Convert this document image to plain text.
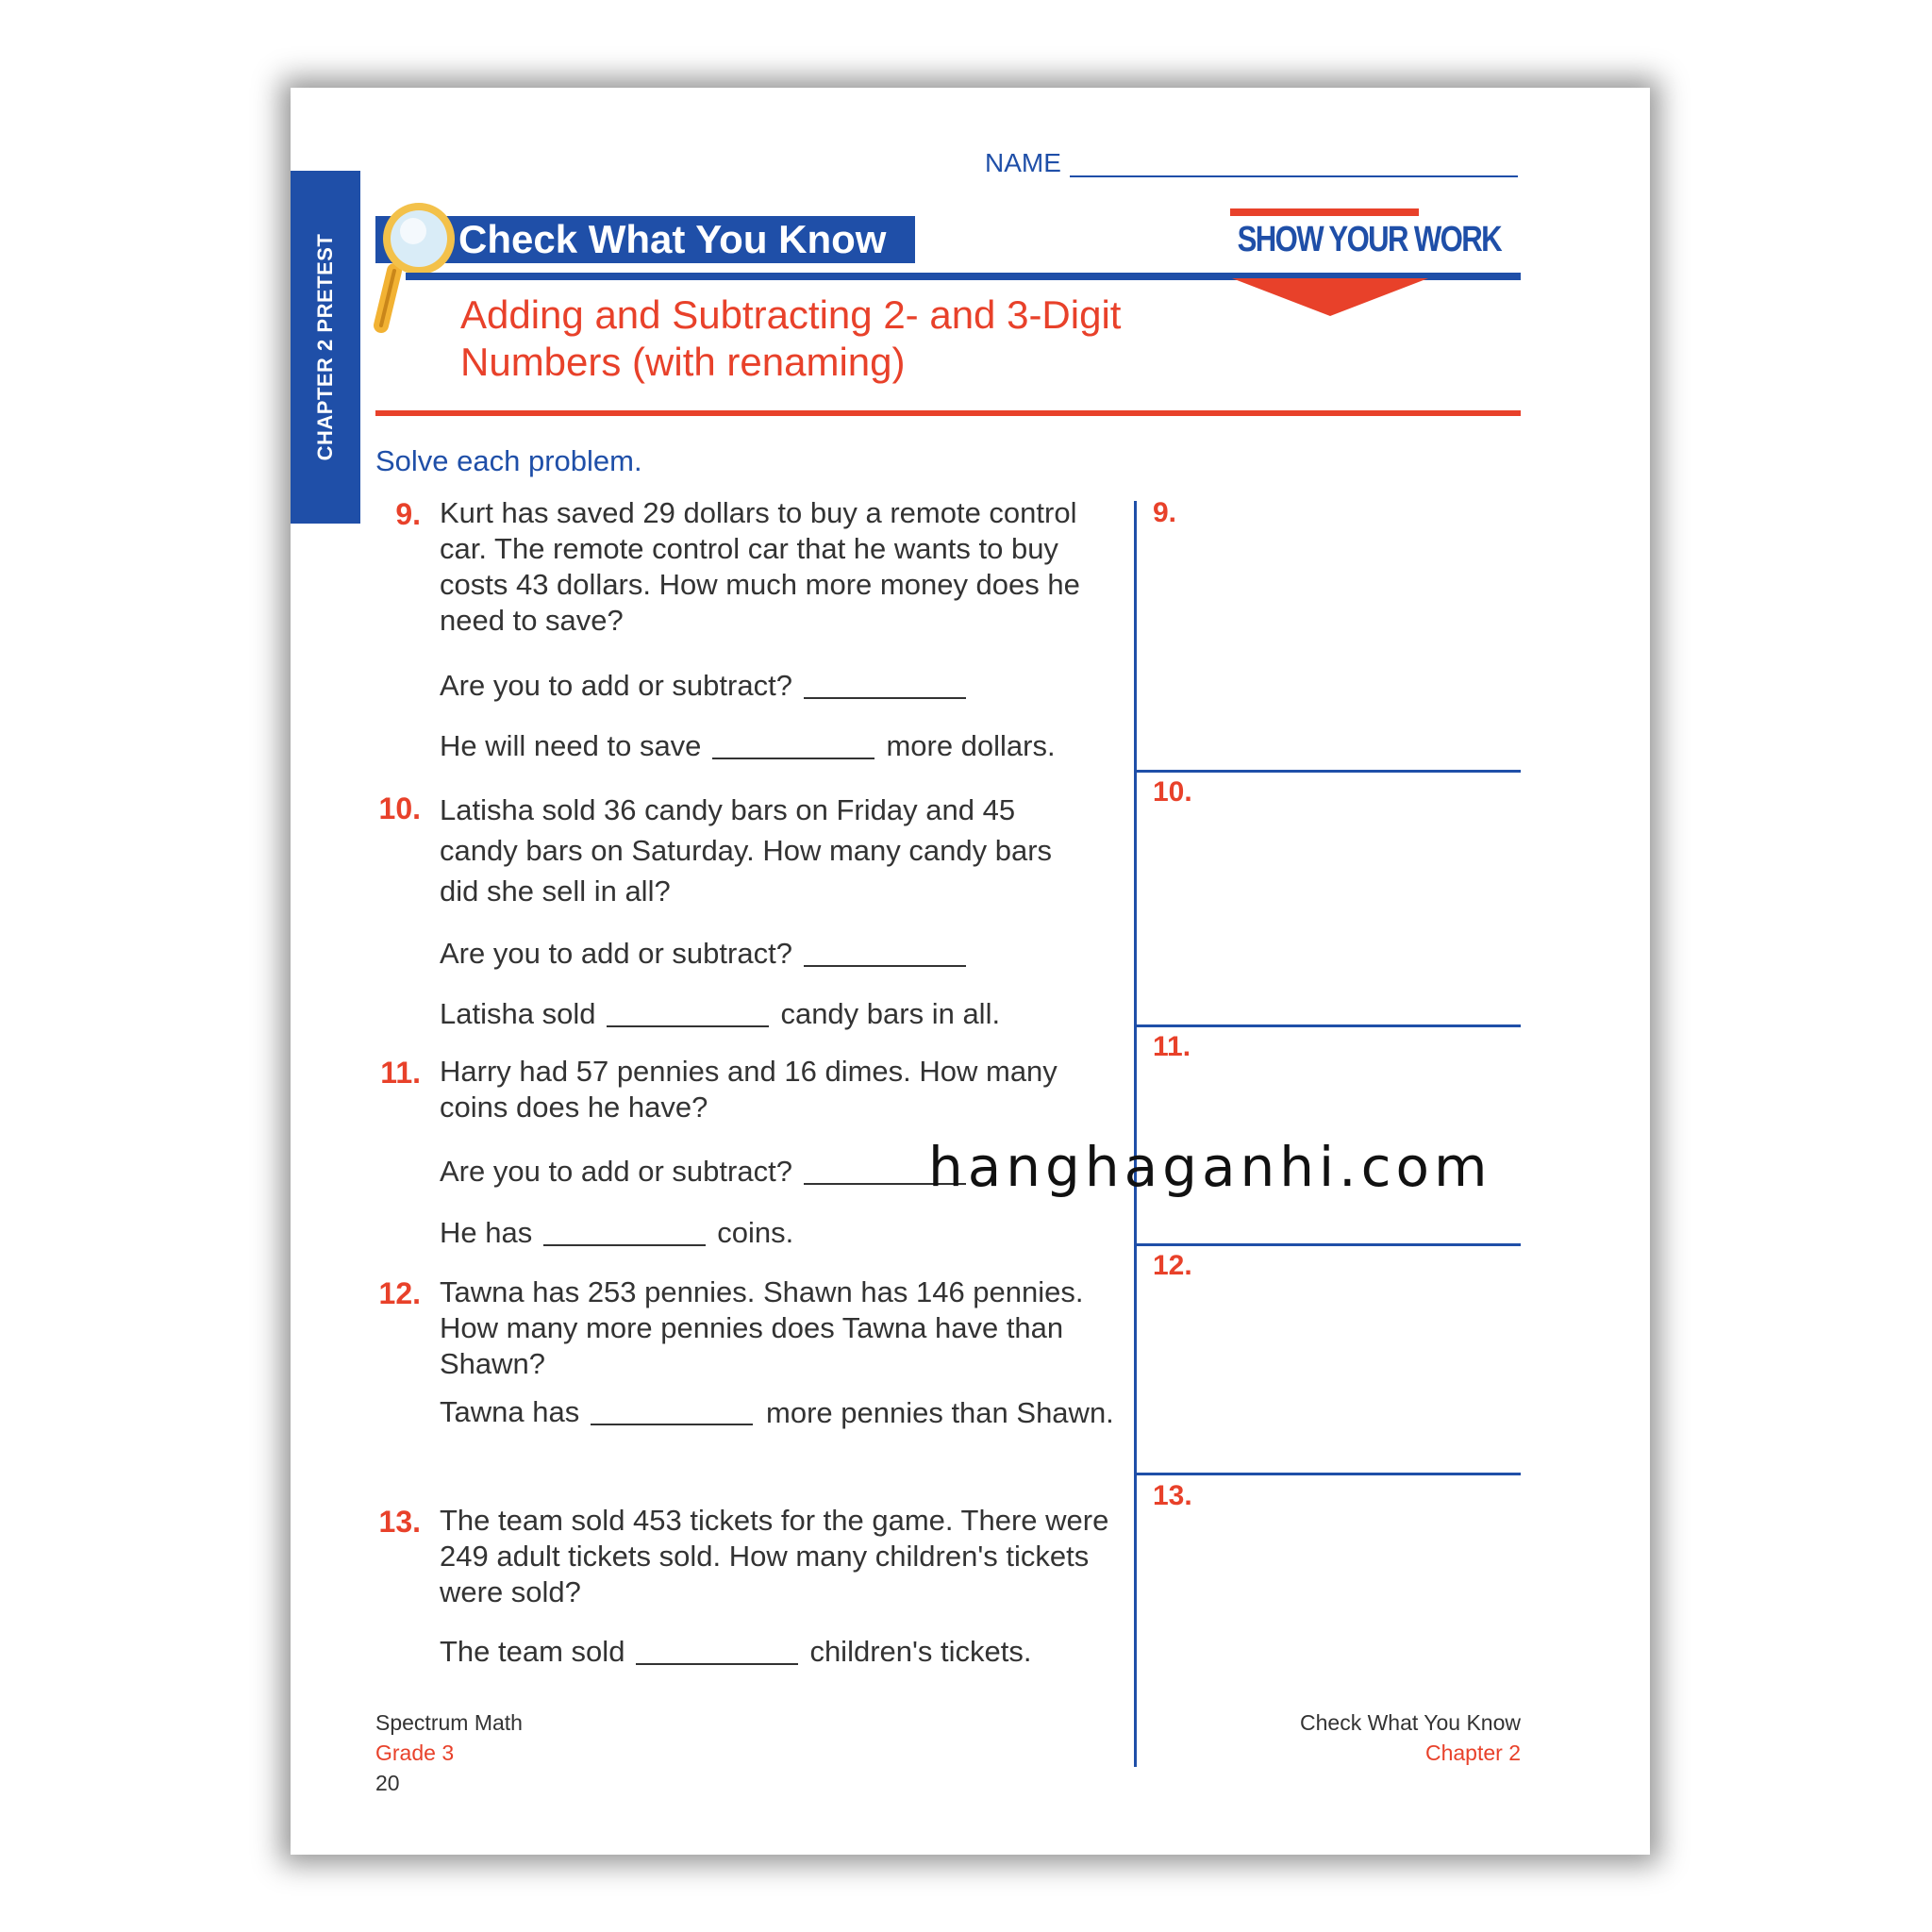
CHAPTER 2 PRETEST
NAME
Check What You Know	SHOW YOUR WORK
Adding and Subtracting 2- and 3-Digit
Numbers (with renaming)
Solve each problem.
9. Kurt has saved 29 dollars to buy a remote control car. The remote control car that he wants to buy costs 43 dollars. How much more money does he need to save?
Are you to add or subtract?
He will need to save	more dollars.
10. Latisha sold 36 candy bars on Friday and 45 candy bars on Saturday. How many candy bars did she sell in all?
Are you to add or subtract?
Latisha sold	candy bars in all.
11. Harry had 57 pennies and 16 dimes. How many coins does he have?
Are you to add or subtract?
He has	coins.
12. Tawna has 253 pennies. Shawn has 146 pennies. How many more pennies does Tawna have than Shawn?
Tawna has	more pennies than Shawn.
13. The team sold 453 tickets for the game. There were 249 adult tickets sold. How many children's tickets were sold?
The team sold	children's tickets.
9.
10.
11.
12.
13.
Spectrum Math
Grade 3
20
Check What You Know
Chapter 2
hanghaganhi.com
